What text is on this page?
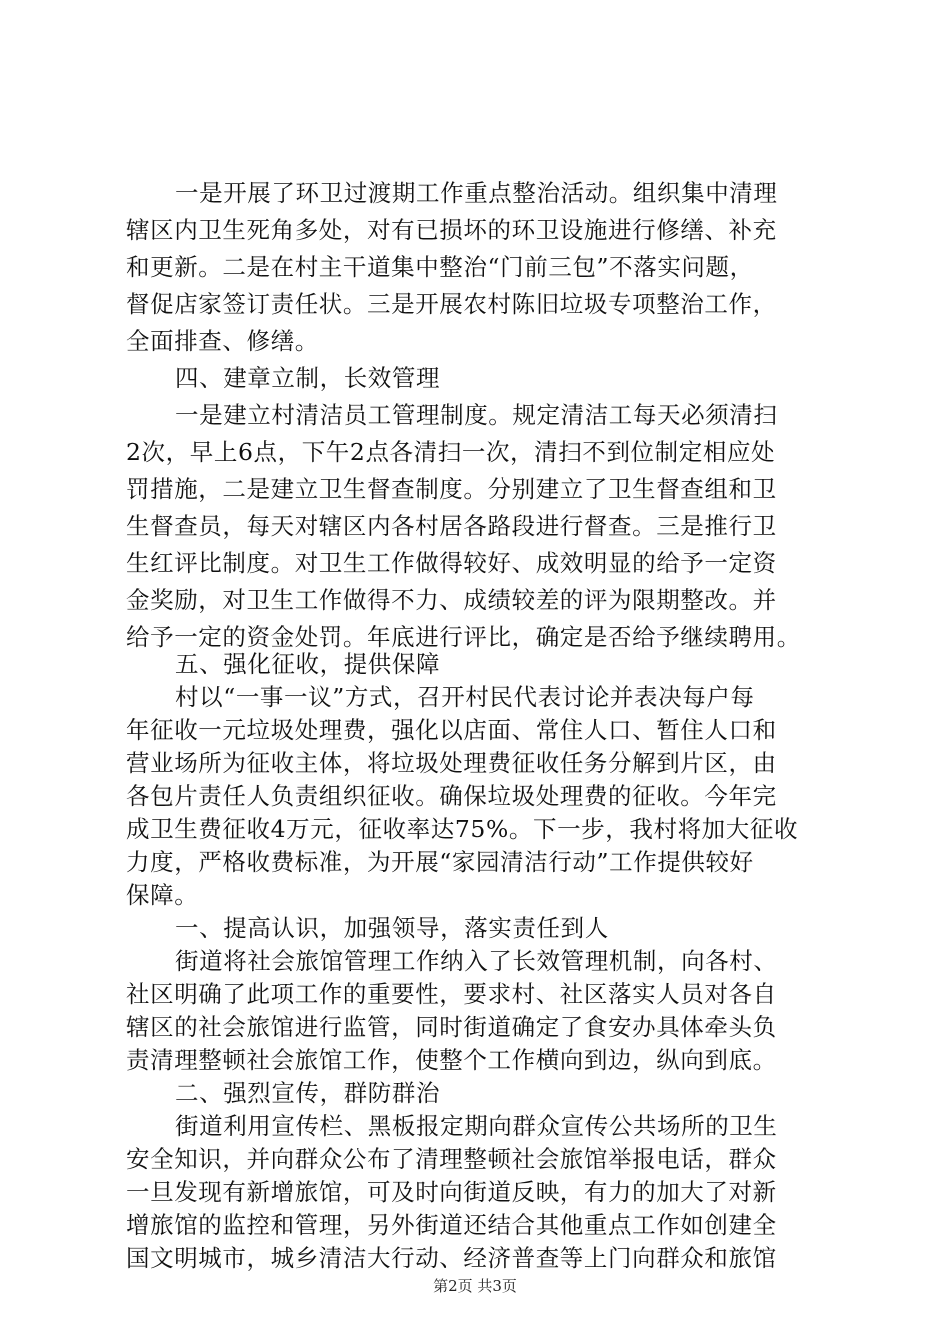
一是开展了环卫过渡期工作重点整治活动。组织集中清理
辖区内卫生死角多处，对有已损坏的环卫设施进行修缮、补充
和更新。二是在村主干道集中整治“门前三包”不落实问题，
督促店家签订责任状。三是开展农村陈旧垃圾专项整治工作，
全面排查、修缮。
四、建章立制，长效管理
一是建立村清洁员工管理制度。规定清洁工每天必须清扫
2次，早上6点，下午2点各清扫一次，清扫不到位制定相应处
罚措施，二是建立卫生督查制度。分别建立了卫生督查组和卫
生督查员，每天对辖区内各村居各路段进行督查。三是推行卫
生红评比制度。对卫生工作做得较好、成效明显的给予一定资
金奖励，对卫生工作做得不力、成绩较差的评为限期整改。并
给予一定的资金处罚。年底进行评比，确定是否给予继续聘用。
五、强化征收，提供保障
村以“一事一议”方式，召开村民代表讨论并表决每户每
年征收一元垃圾处理费，强化以店面、常住人口、暂住人口和
营业场所为征收主体，将垃圾处理费征收任务分解到片区，由
各包片责任人负责组织征收。确保垃圾处理费的征收。今年完
成卫生费征收4万元，征收率达75%。下一步，我村将加大征收
力度，严格收费标准，为开展“家园清洁行动”工作提供较好
保障。
一、提高认识，加强领导，落实责任到人
街道将社会旅馆管理工作纳入了长效管理机制，向各村、
社区明确了此项工作的重要性，要求村、社区落实人员对各自
辖区的社会旅馆进行监管，同时街道确定了食安办具体牵头负
责清理整顿社会旅馆工作，使整个工作横向到边，纵向到底。
二、强烈宣传，群防群治
街道利用宣传栏、黑板报定期向群众宣传公共场所的卫生
安全知识，并向群众公布了清理整顿社会旅馆举报电话，群众
一旦发现有新增旅馆，可及时向街道反映，有力的加大了对新
增旅馆的监控和管理，另外街道还结合其他重点工作如创建全
国文明城市，城乡清洁大行动、经济普查等上门向群众和旅馆
第2页 共3页
